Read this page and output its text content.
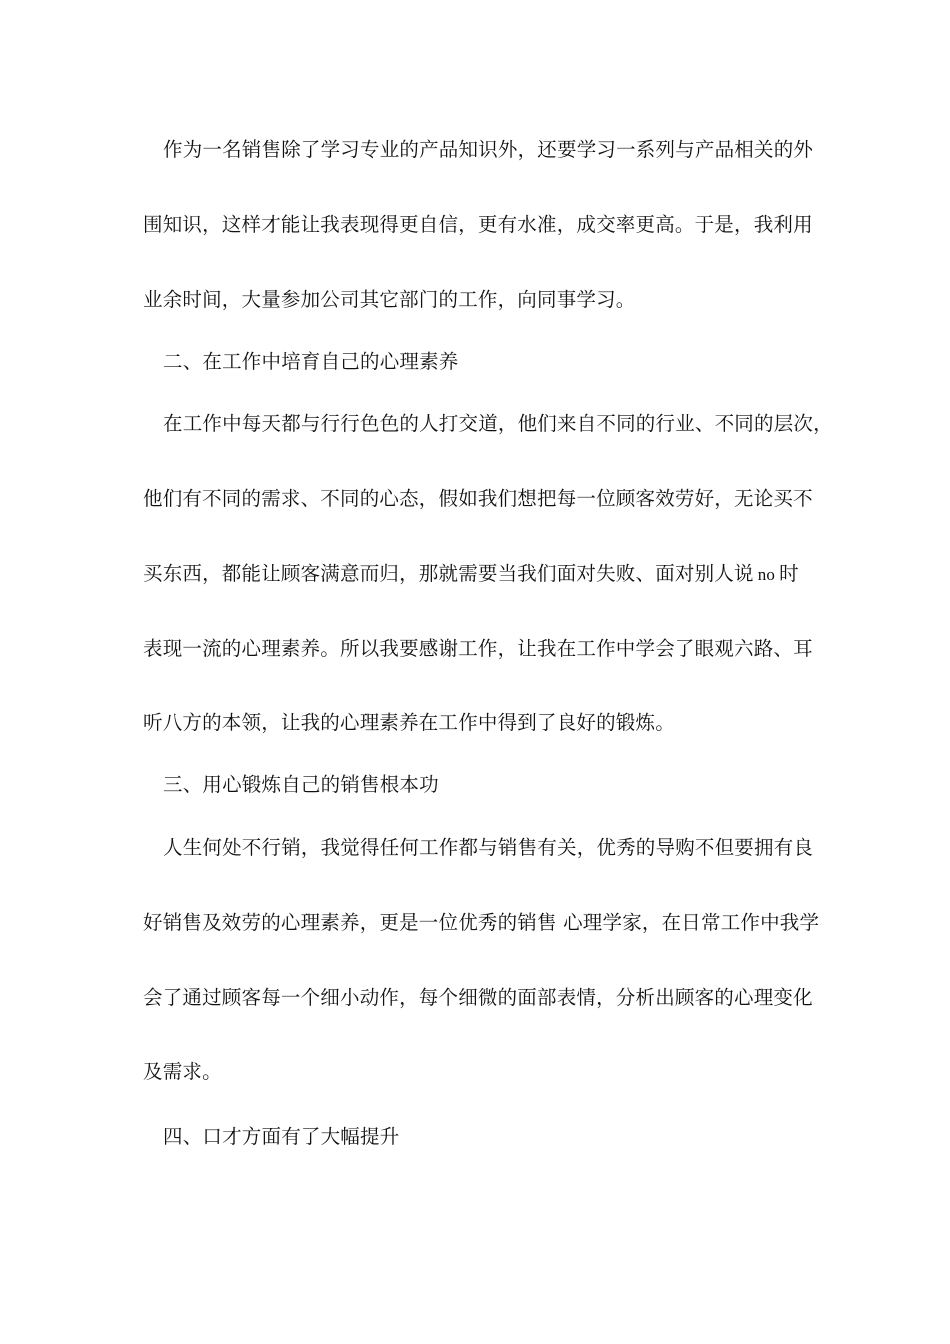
作为一名销售除了学习专业的产品知识外，还要学习一系列与产品相关的外
围知识，这样才能让我表现得更自信，更有水准，成交率更高。于是，我利用
业余时间，大量参加公司其它部门的工作，向同事学习。
二、在工作中培育自己的心理素养
在工作中每天都与行行色色的人打交道，他们来自不同的行业、不同的层次，
他们有不同的需求、不同的心态，假如我们想把每一位顾客效劳好，无论买不
买东西，都能让顾客满意而归，那就需要当我们面对失败、面对别人说 no 时
表现一流的心理素养。所以我要感谢工作，让我在工作中学会了眼观六路、耳
听八方的本领，让我的心理素养在工作中得到了良好的锻炼。
三、用心锻炼自己的销售根本功
人生何处不行销，我觉得任何工作都与销售有关，优秀的导购不但要拥有良
好销售及效劳的心理素养，更是一位优秀的销售 心理学家，在日常工作中我学
会了通过顾客每一个细小动作，每个细微的面部表情，分析出顾客的心理变化
及需求。
四、口才方面有了大幅提升
